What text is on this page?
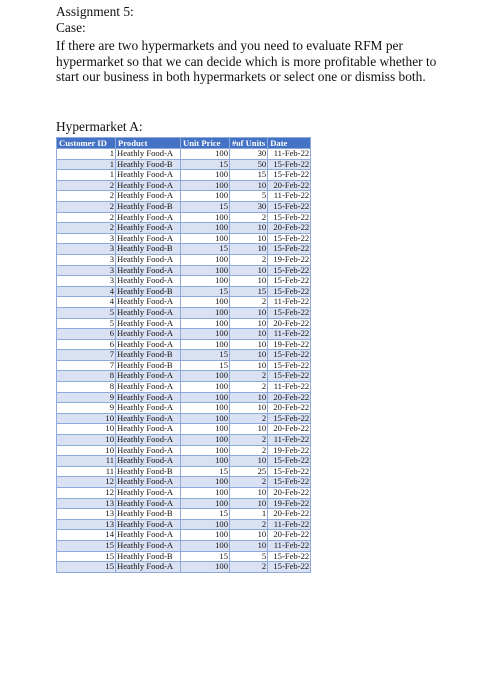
Assignment 5:

Case:

If there are two hypermarkets and you need to evaluate RFM per hypermarket so that we can decide which is more profitable whether to start our business in both hypermarkets or select one or dismiss both.

Hypermarket A:
Customer ID	Product	Unit Price	#of Units	Date
1	Heathly Food-A	100	30	11-Feb-22
1	Heathly Food-B	15	50	15-Feb-22
1	Heathly Food-A	100	15	15-Feb-22
2	Heathly Food-A	100	10	20-Feb-22
2	Heathly Food-A	100	5	11-Feb-22
2	Heathly Food-B	15	30	15-Feb-22
2	Heathly Food-A	100	2	15-Feb-22
2	Heathly Food-A	100	10	20-Feb-22
3	Heathly Food-A	100	10	15-Feb-22
3	Heathly Food-B	15	10	15-Feb-22
3	Heathly Food-A	100	2	19-Feb-22
3	Heathly Food-A	100	10	15-Feb-22
3	Heathly Food-A	100	10	15-Feb-22
4	Heathly Food-B	15	15	15-Feb-22
4	Heathly Food-A	100	2	11-Feb-22
5	Heathly Food-A	100	10	15-Feb-22
5	Heathly Food-A	100	10	20-Feb-22
6	Heathly Food-A	100	10	11-Feb-22
6	Heathly Food-A	100	10	19-Feb-22
7	Heathly Food-B	15	10	15-Feb-22
7	Heathly Food-B	15	10	15-Feb-22
8	Heathly Food-A	100	2	15-Feb-22
8	Heathly Food-A	100	2	11-Feb-22
9	Heathly Food-A	100	10	20-Feb-22
9	Heathly Food-A	100	10	20-Feb-22
10	Heathly Food-A	100	2	15-Feb-22
10	Heathly Food-A	100	10	20-Feb-22
10	Heathly Food-A	100	2	11-Feb-22
10	Heathly Food-A	100	2	19-Feb-22
11	Heathly Food-A	100	10	15-Feb-22
11	Heathly Food-B	15	25	15-Feb-22
12	Heathly Food-A	100	2	15-Feb-22
12	Heathly Food-A	100	10	20-Feb-22
13	Heathly Food-A	100	10	19-Feb-22
13	Heathly Food-B	15	1	20-Feb-22
13	Heathly Food-A	100	2	11-Feb-22
14	Heathly Food-A	100	10	20-Feb-22
15	Heathly Food-A	100	10	11-Feb-22
15	Heathly Food-B	15	5	15-Feb-22
15	Heathly Food-A	100	2	15-Feb-22
